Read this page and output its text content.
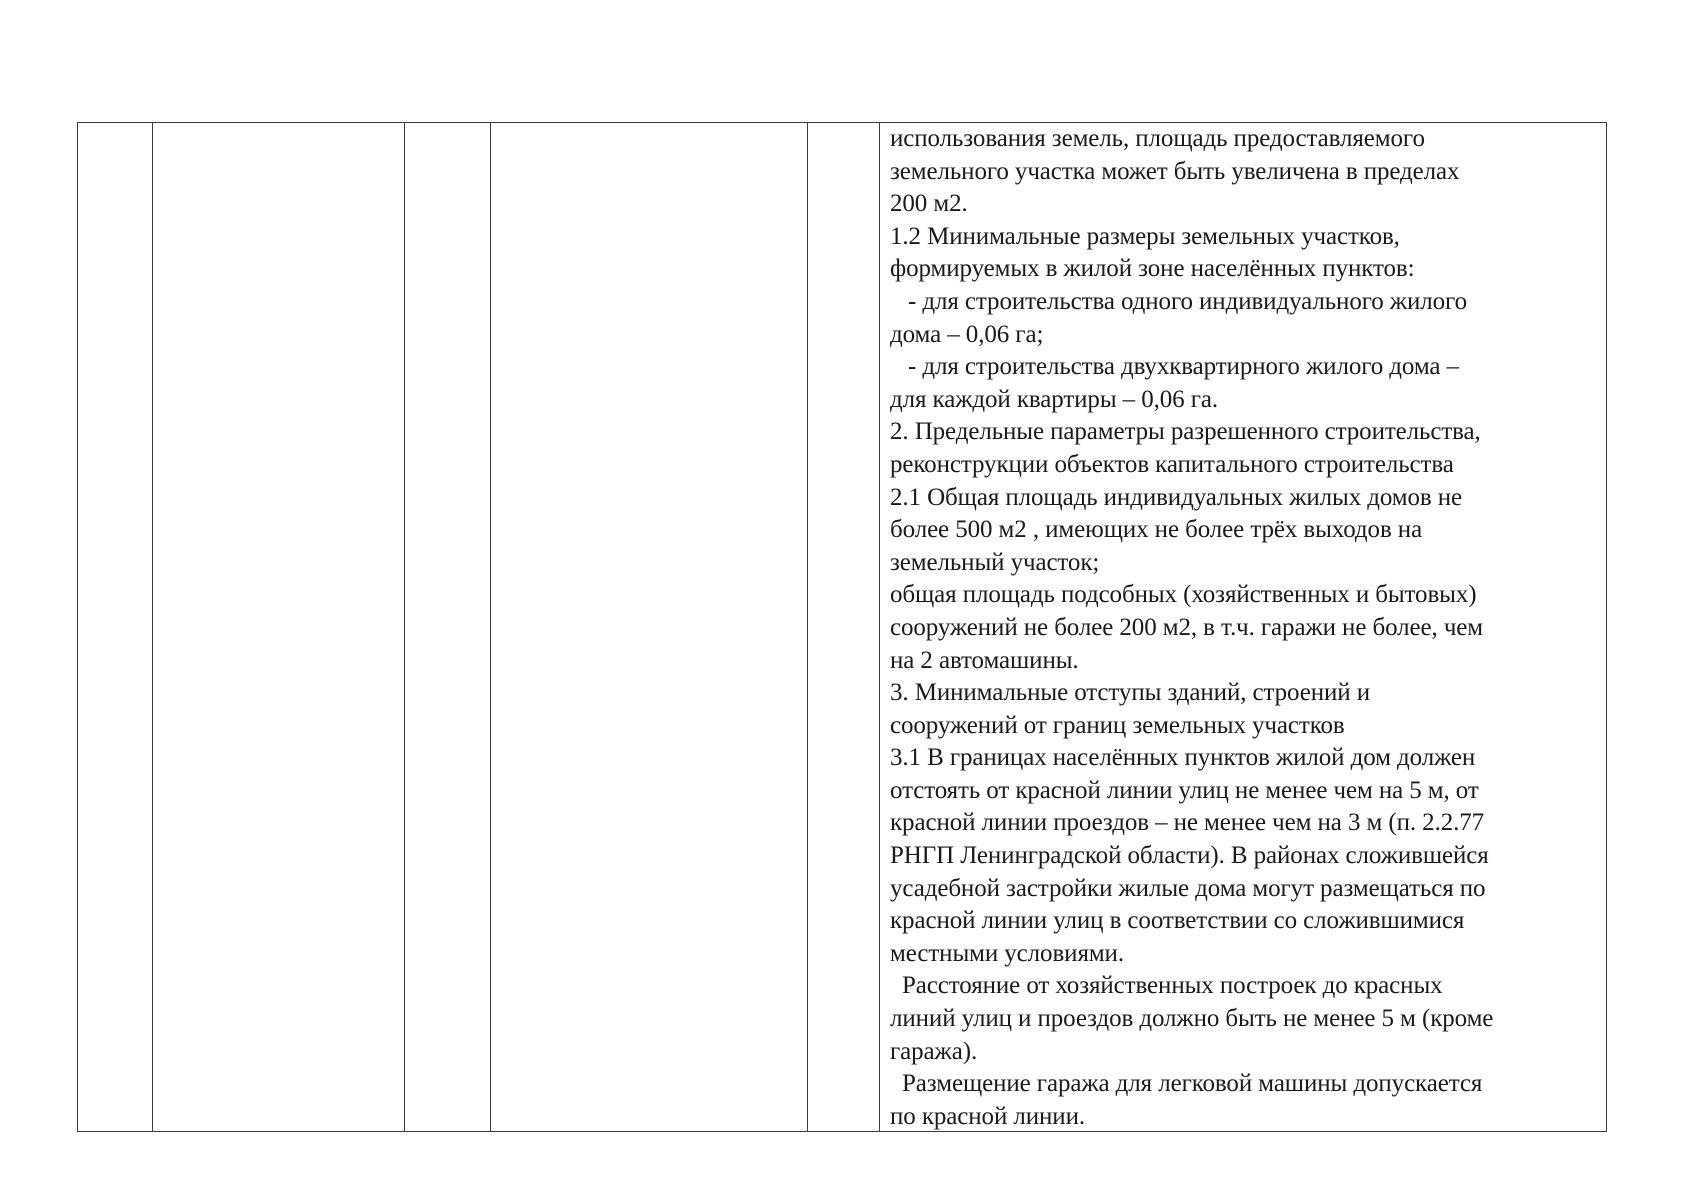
использования земель, площадь предоставляемого
земельного участка может быть увеличена в пределах
200 м2.
1.2 Минимальные размеры земельных участков,
формируемых в жилой зоне населённых пунктов:
- для строительства одного индивидуального жилого
дома – 0,06 га;
- для строительства двухквартирного жилого дома –
для каждой квартиры – 0,06 га.
2. Предельные параметры разрешенного строительства,
реконструкции объектов капитального строительства
2.1 Общая площадь индивидуальных жилых домов не
более 500 м2 , имеющих не более трёх выходов на
земельный участок;
общая площадь подсобных (хозяйственных и бытовых)
сооружений не более 200 м2, в т.ч. гаражи не более, чем
на 2 автомашины.
3. Минимальные отступы зданий, строений и
сооружений от границ земельных участков
3.1 В границах населённых пунктов жилой дом должен
отстоять от красной линии улиц не менее чем на 5 м, от
красной линии проездов – не менее чем на 3 м (п. 2.2.77
РНГП Ленинградской области). В районах сложившейся
усадебной застройки жилые дома могут размещаться по
красной линии улиц в соответствии со сложившимися
местными условиями.
Расстояние от хозяйственных построек до красных
линий улиц и проездов должно быть не менее 5 м (кроме
гаража).
Размещение гаража для легковой машины допускается
по красной линии.
